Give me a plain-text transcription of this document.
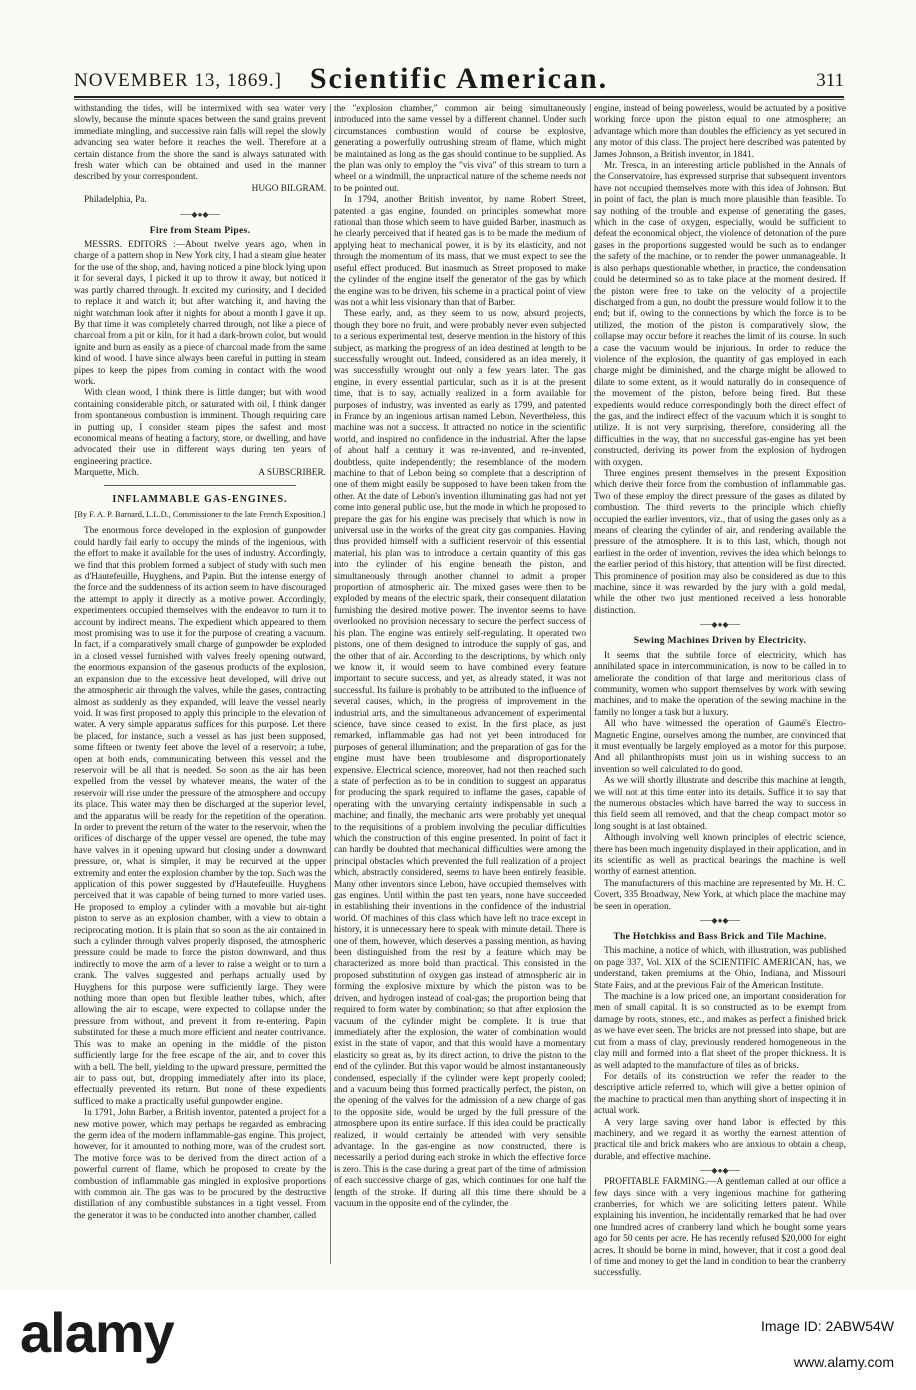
NOVEMBER 13, 1869.] Scientific American.	311

withstanding the tides, will be intermixed with sea water very slowly, because the minute spaces between the sand grains prevent immediate mingling, and successive rain falls will repel the slowly advancing sea water before it reaches the well. Therefore at a certain distance from the shore the sand is always saturated with fresh water which can be obtained and used in the manner described by your correspondent.

HUGO BILGRAM.

Philadelphia, Pa.

──◆●◆──
Fire from Steam Pipes.

MESSRS. EDITORS :—About twelve years ago, when in charge of a pattern shop in New York city, I had a steam glue heater for the use of the shop, and, having noticed a pine block lying upon it for several days, I picked it up to throw it away, but noticed it was partly charred through. It excited my curiosity, and I decided to replace it and watch it; but after watching it, and having the night watchman look after it nights for about a month I gave it up. By that time it was completely charred through, not like a piece of charcoal from a pit or kiln, for it had a dark-brown color, but would ignite and burn as easily as a piece of charcoal made from the same kind of wood. I have since always been careful in putting in steam pipes to keep the pipes from coming in contact with the wood work.

With clean wood, I think there is little danger; but with wood containing considerable pitch, or saturated with oil, I think danger from spontaneous combustion is imminent. Though requiring care in putting up, I consider steam pipes the safest and most economical means of heating a factory, store, or dwelling, and have advocated their use in different ways during ten years of engineering practice.

Marquette, Mich.	A SUBSCRIBER.
INFLAMMABLE GAS-ENGINES.
[By F. A. P. Barnard, L.L.D., Commissioner to the late French Exposition.]

The enormous force developed in the explosion of gunpowder could hardly fail early to occupy the minds of the ingenious, with the effort to make it available for the uses of industry. Accordingly, we find that this problem formed a subject of study with such men as d'Hautefeuille, Huyghens, and Papin. But the intense energy of the force and the suddenness of its action seem to have discouraged the attempt to apply it directly as a motive power. Accordingly, experimenters occupied themselves with the endeavor to turn it to account by indirect means. The expedient which appeared to them most promising was to use it for the purpose of creating a vacuum. In fact, if a comparatively small charge of gunpowder be exploded in a closed vessel furnished with valves freely opening outward, the enormous expansion of the gaseous products of the explosion, an expansion due to the excessive heat developed, will drive out the atmospheric air through the valves, while the gases, contracting almost as suddenly as they expanded, will leave the vessel nearly void. It was first proposed to apply this principle to the elevation of water. A very simple apparatus suffices for this purpose. Let there be placed, for instance, such a vessel as has just been supposed, some fifteen or twenty feet above the level of a reservoir; a tube, open at both ends, communicating between this vessel and the reservoir will be all that is needed. So soon as the air has been expelled from the vessel by whatever means, the water of the reservoir will rise under the pressure of the atmosphere and occupy its place. This water may then be discharged at the superior level, and the apparatus will be ready for the repetition of the operation. In order to prevent the return of the water to the reservoir, when the orifices of discharge of the upper vessel are opened, the tube may have valves in it opening upward but closing under a downward pressure, or, what is simpler, it may be recurved at the upper extremity and enter the explosion chamber by the top. Such was the application of this power suggested by d'Hautefeuille. Huyghens perceived that it was capable of being turned to more varied uses. He proposed to employ a cylinder with a movable but air-tight piston to serve as an explosion chamber, with a view to obtain a reciprocating motion. It is plain that so soon as the air contained in such a cylinder through valves properly disposed, the atmospheric pressure could be made to force the piston downward, and thus indirectly to move the arm of a lever to raise a weight or to turn a crank. The valves suggested and perhaps actually used by Huyghens for this purpose were sufficiently large. They were nothing more than open but flexible leather tubes, which, after allowing the air to escape, were expected to collapse under the pressure from without, and prevent it from re-entering. Papin substituted for these a much more efficient and neater contrivance. This was to make an opening in the middle of the piston sufficiently large for the free escape of the air, and to cover this with a bell. The bell, yielding to the upward pressure, permitted the air to pass out, but, dropping immediately after into its place, effectually prevented its return. But none of these expedients sufficed to make a practically useful gunpowder engine.

In 1791, John Barber, a British inventor, patented a project for a new motive power, which may perhaps be regarded as embracing the germ idea of the modern inflammable-gas engine. This project, however, for it amounted to nothing more, was of the crudest sort. The motive force was to be derived from the direct action of a powerful current of flame, which he proposed to create by the combustion of inflammable gas mingled in explosive proportions with common air. The gas was to be procured by the destructive distillation of any combustible substances in a tight vessel. From the generator it was to be conducted into another chamber, called

the "explosion chamber," common air being simultaneously introduced into the same vessel by a different channel. Under such circumstances combustion would of course be explosive, generating a powerfully outrushing stream of flame, which might be maintained as long as the gas should continue to be supplied. As the plan was only to employ the "vis viva" of this stream to turn a wheel or a windmill, the unpractical nature of the scheme needs not to be pointed out.

In 1794, another British inventor, by name Robert Street, patented a gas engine, founded on principles somewhat more rational than those which seem to have guided Barber, inasmuch as he clearly perceived that if heated gas is to be made the medium of applying heat to mechanical power, it is by its elasticity, and not through the momentum of its mass, that we must expect to see the useful effect produced. But inasmuch as Street proposed to make the cylinder of the engine itself the generator of the gas by which the engine was to be driven, his scheme in a practical point of view was not a whit less visionary than that of Barber.

These early, and, as they seem to us now, absurd projects, though they bore no fruit, and were probably never even subjected to a serious experimental test, deserve mention in the history of this subject, as marking the progress of an idea destined at length to be successfully wrought out. Indeed, considered as an idea merely, it was successfully wrought out only a few years later. The gas engine, in every essential particular, such as it is at the present time, that is to say, actually realized in a form available for purposes of industry, was invented as early as 1799, and patented in France by an ingenious artisan named Lebon. Nevertheless, this machine was not a success. It attracted no notice in the scientific world, and inspired no confidence in the industrial. After the lapse of about half a century it was re-invented, and re-invented, doubtless, quite independently; the resemblance of the modern machine to that of Lebon being so complete that a description of one of them might easily be supposed to have been taken from the other. At the date of Lebon's invention illuminating gas had not yet come into general public use, but the mode in which he proposed to prepare the gas for his engine was precisely that which is now in universal use in the works of the great city gas companies. Having thus provided himself with a sufficient reservoir of this essential material, his plan was to introduce a certain quantity of this gas into the cylinder of his engine beneath the piston, and simultaneously through another channel to admit a proper proportion of atmospheric air. The mixed gases were then to be exploded by means of the electric spark, their consequent dilatation furnishing the desired motive power. The inventor seems to have overlooked no provision necessary to secure the perfect success of his plan. The engine was entirely self-regulating. It operated two pistons, one of them designed to introduce the supply of gas, and the other that of air. According to the descriptions, by which only we know it, it would seem to have combined every feature important to secure success, and yet, as already stated, it was not successful. Its failure is probably to be attributed to the influence of several causes, which, in the progress of improvement in the industrial arts, and the simultaneous advancement of experimental science, have since ceased to exist. In the first place, as just remarked, inflammable gas had not yet been introduced for purposes of general illumination; and the preparation of gas for the engine must have been troublesome and disproportionately expensive. Electrical science, moreover, had not then reached such a state of perfection as to be in condition to suggest an apparatus for producing the spark required to inflame the gases, capable of operating with the unvarying certainty indispensable in such a machine; and finally, the mechanic arts were probably yet unequal to the requisitions of a problem involving the peculiar difficulties which the construction of this engine presented. In point of fact it can hardly be doubted that mechanical difficulties were among the principal obstacles which prevented the full realization of a project which, abstractly considered, seems to have been entirely feasible. Many other inventors since Lebon, have occupied themselves with gas engines. Until within the past ten years, none have succeeded in establishing their inventions in the confidence of the industrial world. Of machines of this class which have left no trace except in history, it is unnecessary here to speak with minute detail. There is one of them, however, which deserves a passing mention, as having been distinguished from the rest by a feature which may be characterized as more bold than practical. This consisted in the proposed substitution of oxygen gas instead of atmospheric air in forming the explosive mixture by which the piston was to be driven, and hydrogen instead of coal-gas; the proportion being that required to form water by combination; so that after explosion the vacuum of the cylinder might be complete. It is true that immediately after the explosion, the water of combination would exist in the state of vapor, and that this would have a momentary elasticity so great as, by its direct action, to drive the piston to the end of the cylinder. But this vapor would be almost instantaneously condensed, especially if the cylinder were kept properly cooled; and a vacuum being thus formed practically perfect, the piston, on the opening of the valves for the admission of a new charge of gas to the opposite side, would be urged by the full pressure of the atmosphere upon its entire surface. If this idea could be practically realized, it would certainly be attended with very sensible advantage. In the gas-engine as now constructed, there is necessarily a period during each stroke in which the effective force is zero. This is the case during a great part of the time of admission of each successive charge of gas, which continues for one half the length of the stroke. If during all this time there should be a vacuum in the opposite end of the cylinder, the

engine, instead of being powerless, would be actuated by a positive working force upon the piston equal to one atmosphere; an advantage which more than doubles the efficiency as yet secured in any motor of this class. The project here described was patented by James Johnson, a British inventor, in 1841.

Mr. Tresca, in an interesting article published in the Annals of the Conservatoire, has expressed surprise that subsequent inventors have not occupied themselves more with this idea of Johnson. But in point of fact, the plan is much more plausible than feasible. To say nothing of the trouble and expense of generating the gases, which in the case of oxygen, especially, would be sufficient to defeat the economical object, the violence of detonation of the pure gases in the proportions suggested would be such as to endanger the safety of the machine, or to render the power unmanageable. It is also perhaps questionable whether, in practice, the condensation could be determined so as to take place at the moment desired. If the piston were free to take on the velocity of a projectile discharged from a gun, no doubt the pressure would follow it to the end; but if, owing to the connections by which the force is to be utilized, the motion of the piston is comparatively slow, the collapse may occur before it reaches the limit of its course. In such a case the vacuum would be injurious. In order to reduce the violence of the explosion, the quantity of gas employed in each charge might be diminished, and the charge might be allowed to dilate to some extent, as it would naturally do in consequence of the movement of the piston, before being fired. But these expedients would reduce correspondingly both the direct effect of the gas, and the indirect effect of the vacuum which it is sought to utilize. It is not very surprising, therefore, considering all the difficulties in the way, that no successful gas-engine has yet been constructed, deriving its power from the explosion of hydrogen with oxygen.

Three engines present themselves in the present Exposition which derive their force from the combustion of inflammable gas. Two of these employ the direct pressure of the gases as dilated by combustion. The third reverts to the principle which chiefly occupied the earlier inventors, viz., that of using the gases only as a means of clearing the cylinder of air, and rendering available the pressure of the atmosphere. It is to this last, which, though not earliest in the order of invention, revives the idea which belongs to the earlier period of this history, that attention will be first directed. This prominence of position may also be considered as due to this machine, since it was rewarded by the jury with a gold medal, while the other two just mentioned received a less honorable distinction.

──◆●◆──
Sewing Machines Driven by Electricity.

It seems that the subtile force of electricity, which has annihilated space in intercommunication, is now to be called in to ameliorate the condition of that large and meritorious class of community, women who support themselves by work with sewing machines, and to make the operation of the sewing machine in the family no longer a task but a luxury.

All who have witnessed the operation of Gaumé's Electro-Magnetic Engine, ourselves among the number, are convinced that it must eventually be largely employed as a motor for this purpose. And all philanthropists must join us in wishing success to an invention so well calculated to do good.

As we will shortly illustrate and describe this machine at length, we will not at this time enter into its details. Suffice it to say that the numerous obstacles which have barred the way to success in this field seem all removed, and that the cheap compact motor so long sought is at last obtained.

Although involving well known principles of electric science, there has been much ingenuity displayed in their application, and in its scientific as well as practical bearings the machine is well worthy of earnest attention.

The manufacturers of this machine are represented by Mr. H. C. Covert, 335 Broadway, New York, at which place the machine may be seen in operation.

──◆●◆──
The Hotchkiss and Bass Brick and Tile Machine.

This machine, a notice of which, with illustration, was published on page 337, Vol. XIX of the SCIENTIFIC AMERICAN, has, we understand, taken premiums at the Ohio, Indiana, and Missouri State Fairs, and at the previous Fair of the American Institute.

The machine is a low priced one, an important consideration for men of small capital. It is so constructed as to be exempt from damage by roots, stones, etc., and makes as perfect a finished brick as we have ever seen. The bricks are not pressed into shape, but are cut from a mass of clay, previously rendered homogeneous in the clay mill and formed into a flat sheet of the proper thickness. It is as well adapted to the manufacture of tiles as of bricks.

For details of its construction we refer the reader to the descriptive article referred to, which will give a better opinion of the machine to practical men than anything short of inspecting it in actual work.

A very large saving over hand labor is effected by this machinery, and we regard it as worthy the earnest attention of practical tile and brick makers who are anxious to obtain a cheap, durable, and effective machine.

──◆●◆──

PROFITABLE FARMING.—A gentleman called at our office a few days since with a very ingenious machine for gathering cranberries, for which we are soliciting letters patent. While explaining his invention, he incidentally remarked that he had over one hundred acres of cranberry land which he bought some years ago for 50 cents per acre. He has recently refused $20,000 for eight acres. It should be borne in mind, however, that it cost a good deal of time and money to get the land in condition to bear the cranberry successfully.

alamy	Image ID: 2ABW54W
www.alamy.com
